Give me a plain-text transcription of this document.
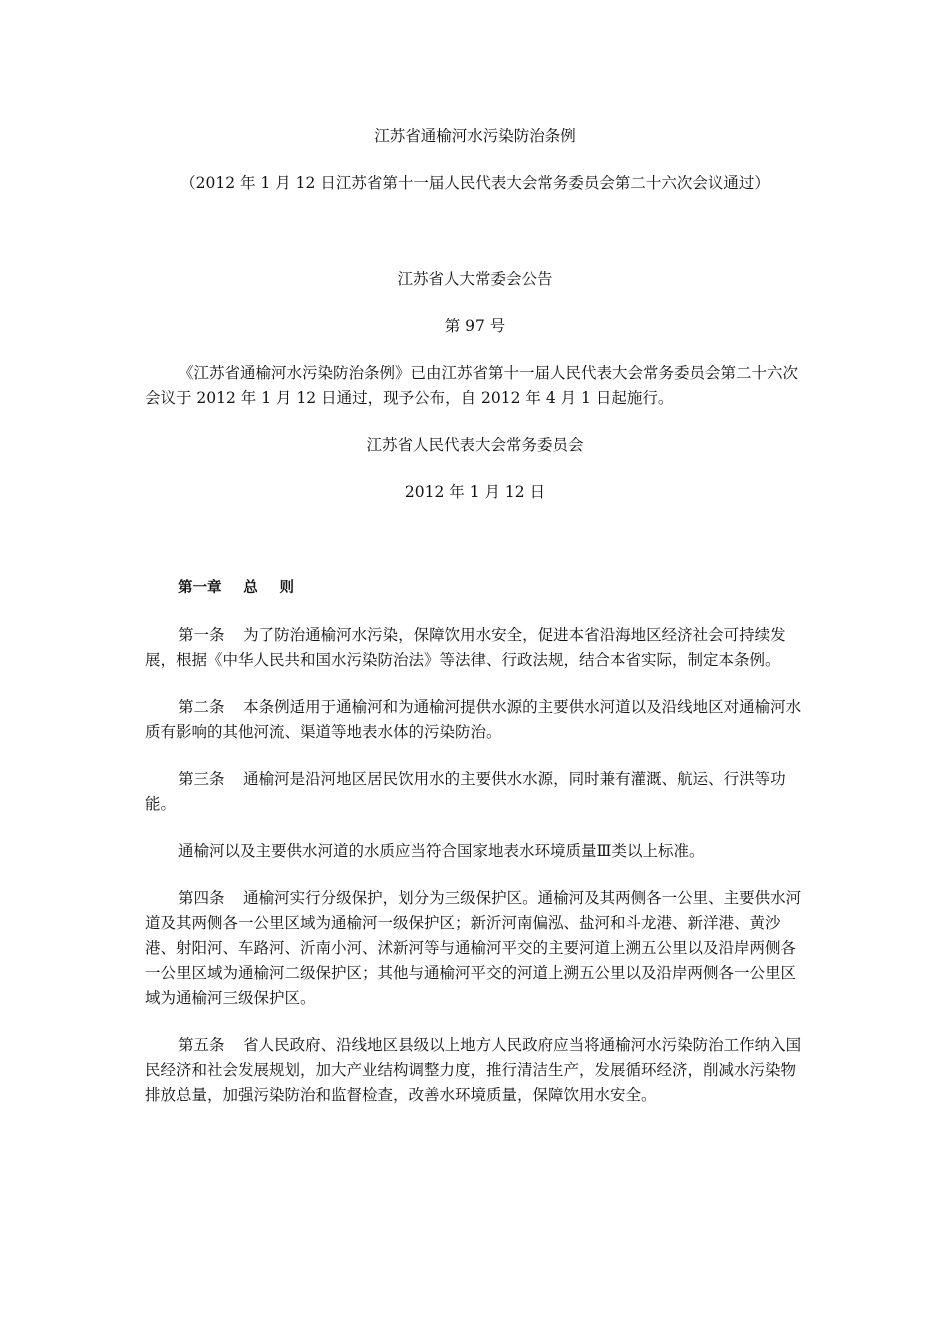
江苏省通榆河水污染防治条例

（2012 年 1 月 12 日江苏省第十一届人民代表大会常务委员会第二十六次会议通过）

江苏省人大常委会公告

第 97 号

《江苏省通榆河水污染防治条例》已由江苏省第十一届人民代表大会常务委员会第二十六次会议于 2012 年 1 月 12 日通过，现予公布，自 2012 年 4 月 1 日起施行。

江苏省人民代表大会常务委员会

2012 年 1 月 12 日

第一章 总 则

第一条 为了防治通榆河水污染，保障饮用水安全，促进本省沿海地区经济社会可持续发展，根据《中华人民共和国水污染防治法》等法律、行政法规，结合本省实际，制定本条例。

第二条 本条例适用于通榆河和为通榆河提供水源的主要供水河道以及沿线地区对通榆河水质有影响的其他河流、渠道等地表水体的污染防治。

第三条 通榆河是沿河地区居民饮用水的主要供水水源，同时兼有灌溉、航运、行洪等功能。

通榆河以及主要供水河道的水质应当符合国家地表水环境质量Ⅲ类以上标准。

第四条 通榆河实行分级保护，划分为三级保护区。通榆河及其两侧各一公里、主要供水河道及其两侧各一公里区域为通榆河一级保护区；新沂河南偏泓、盐河和斗龙港、新洋港、黄沙港、射阳河、车路河、沂南小河、沭新河等与通榆河平交的主要河道上溯五公里以及沿岸两侧各一公里区域为通榆河二级保护区；其他与通榆河平交的河道上溯五公里以及沿岸两侧各一公里区域为通榆河三级保护区。

第五条 省人民政府、沿线地区县级以上地方人民政府应当将通榆河水污染防治工作纳入国民经济和社会发展规划，加大产业结构调整力度，推行清洁生产，发展循环经济，削减水污染物排放总量，加强污染防治和监督检查，改善水环境质量，保障饮用水安全。
